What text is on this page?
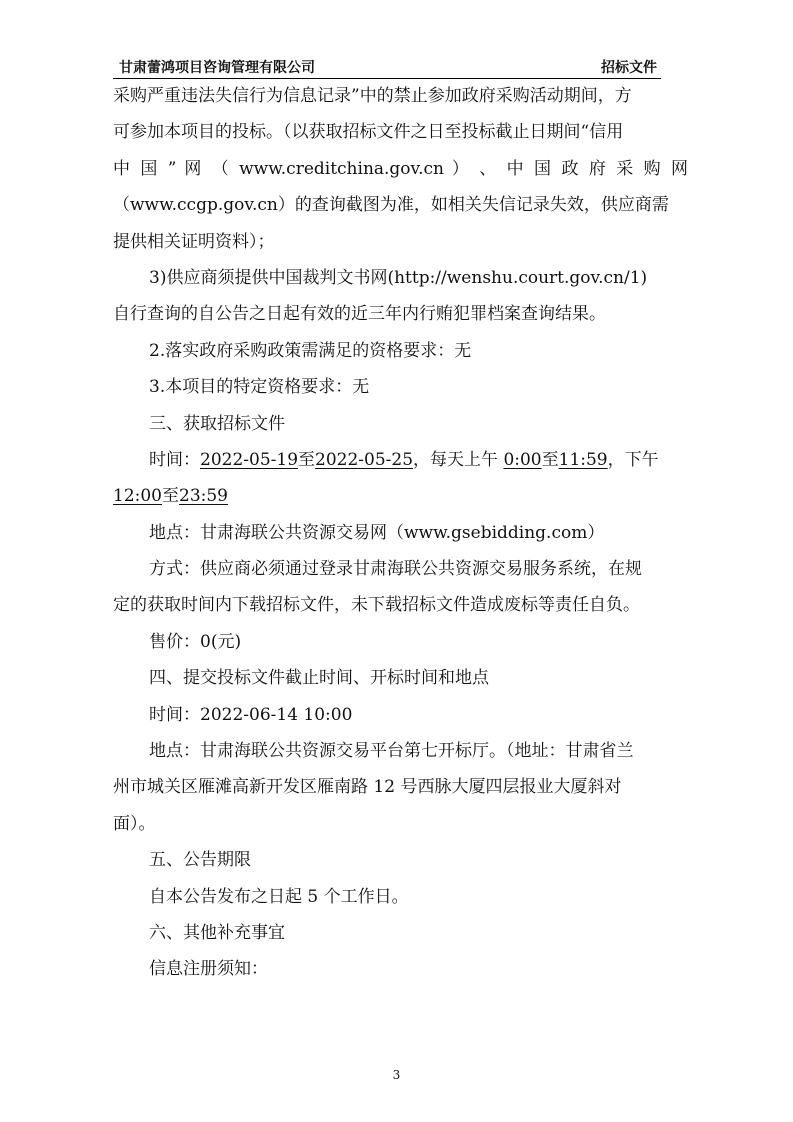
甘肃蕾鸿项目咨询管理有限公司	招标文件
采购严重违法失信行为信息记录”中的禁止参加政府采购活动期间，方
可参加本项目的投标。（以获取招标文件之日至投标截止日期间“信用
中 国 ” 网 （ www.creditchina.gov.cn ） 、 中 国 政 府 采 购 网
（www.ccgp.gov.cn）的查询截图为准，如相关失信记录失效，供应商需
提供相关证明资料）；
3)供应商须提供中国裁判文书网(http://wenshu.court.gov.cn/1)
自行查询的自公告之日起有效的近三年内行贿犯罪档案查询结果。
2.落实政府采购政策需满足的资格要求：无
3.本项目的特定资格要求：无
三、获取招标文件
时间：2022-05-19至2022-05-25，每天上午 0:00至11:59，下午
12:00至23:59
地点：甘肃海联公共资源交易网（www.gsebidding.com）
方式：供应商必须通过登录甘肃海联公共资源交易服务系统，在规
定的获取时间内下载招标文件，未下载招标文件造成废标等责任自负。
售价：0(元)
四、提交投标文件截止时间、开标时间和地点
时间：2022-06-14 10:00
地点：甘肃海联公共资源交易平台第七开标厅。（地址：甘肃省兰
州市城关区雁滩高新开发区雁南路 12 号西脉大厦四层报业大厦斜对
面）。
五、公告期限
自本公告发布之日起 5 个工作日。
六、其他补充事宜
信息注册须知：
3
